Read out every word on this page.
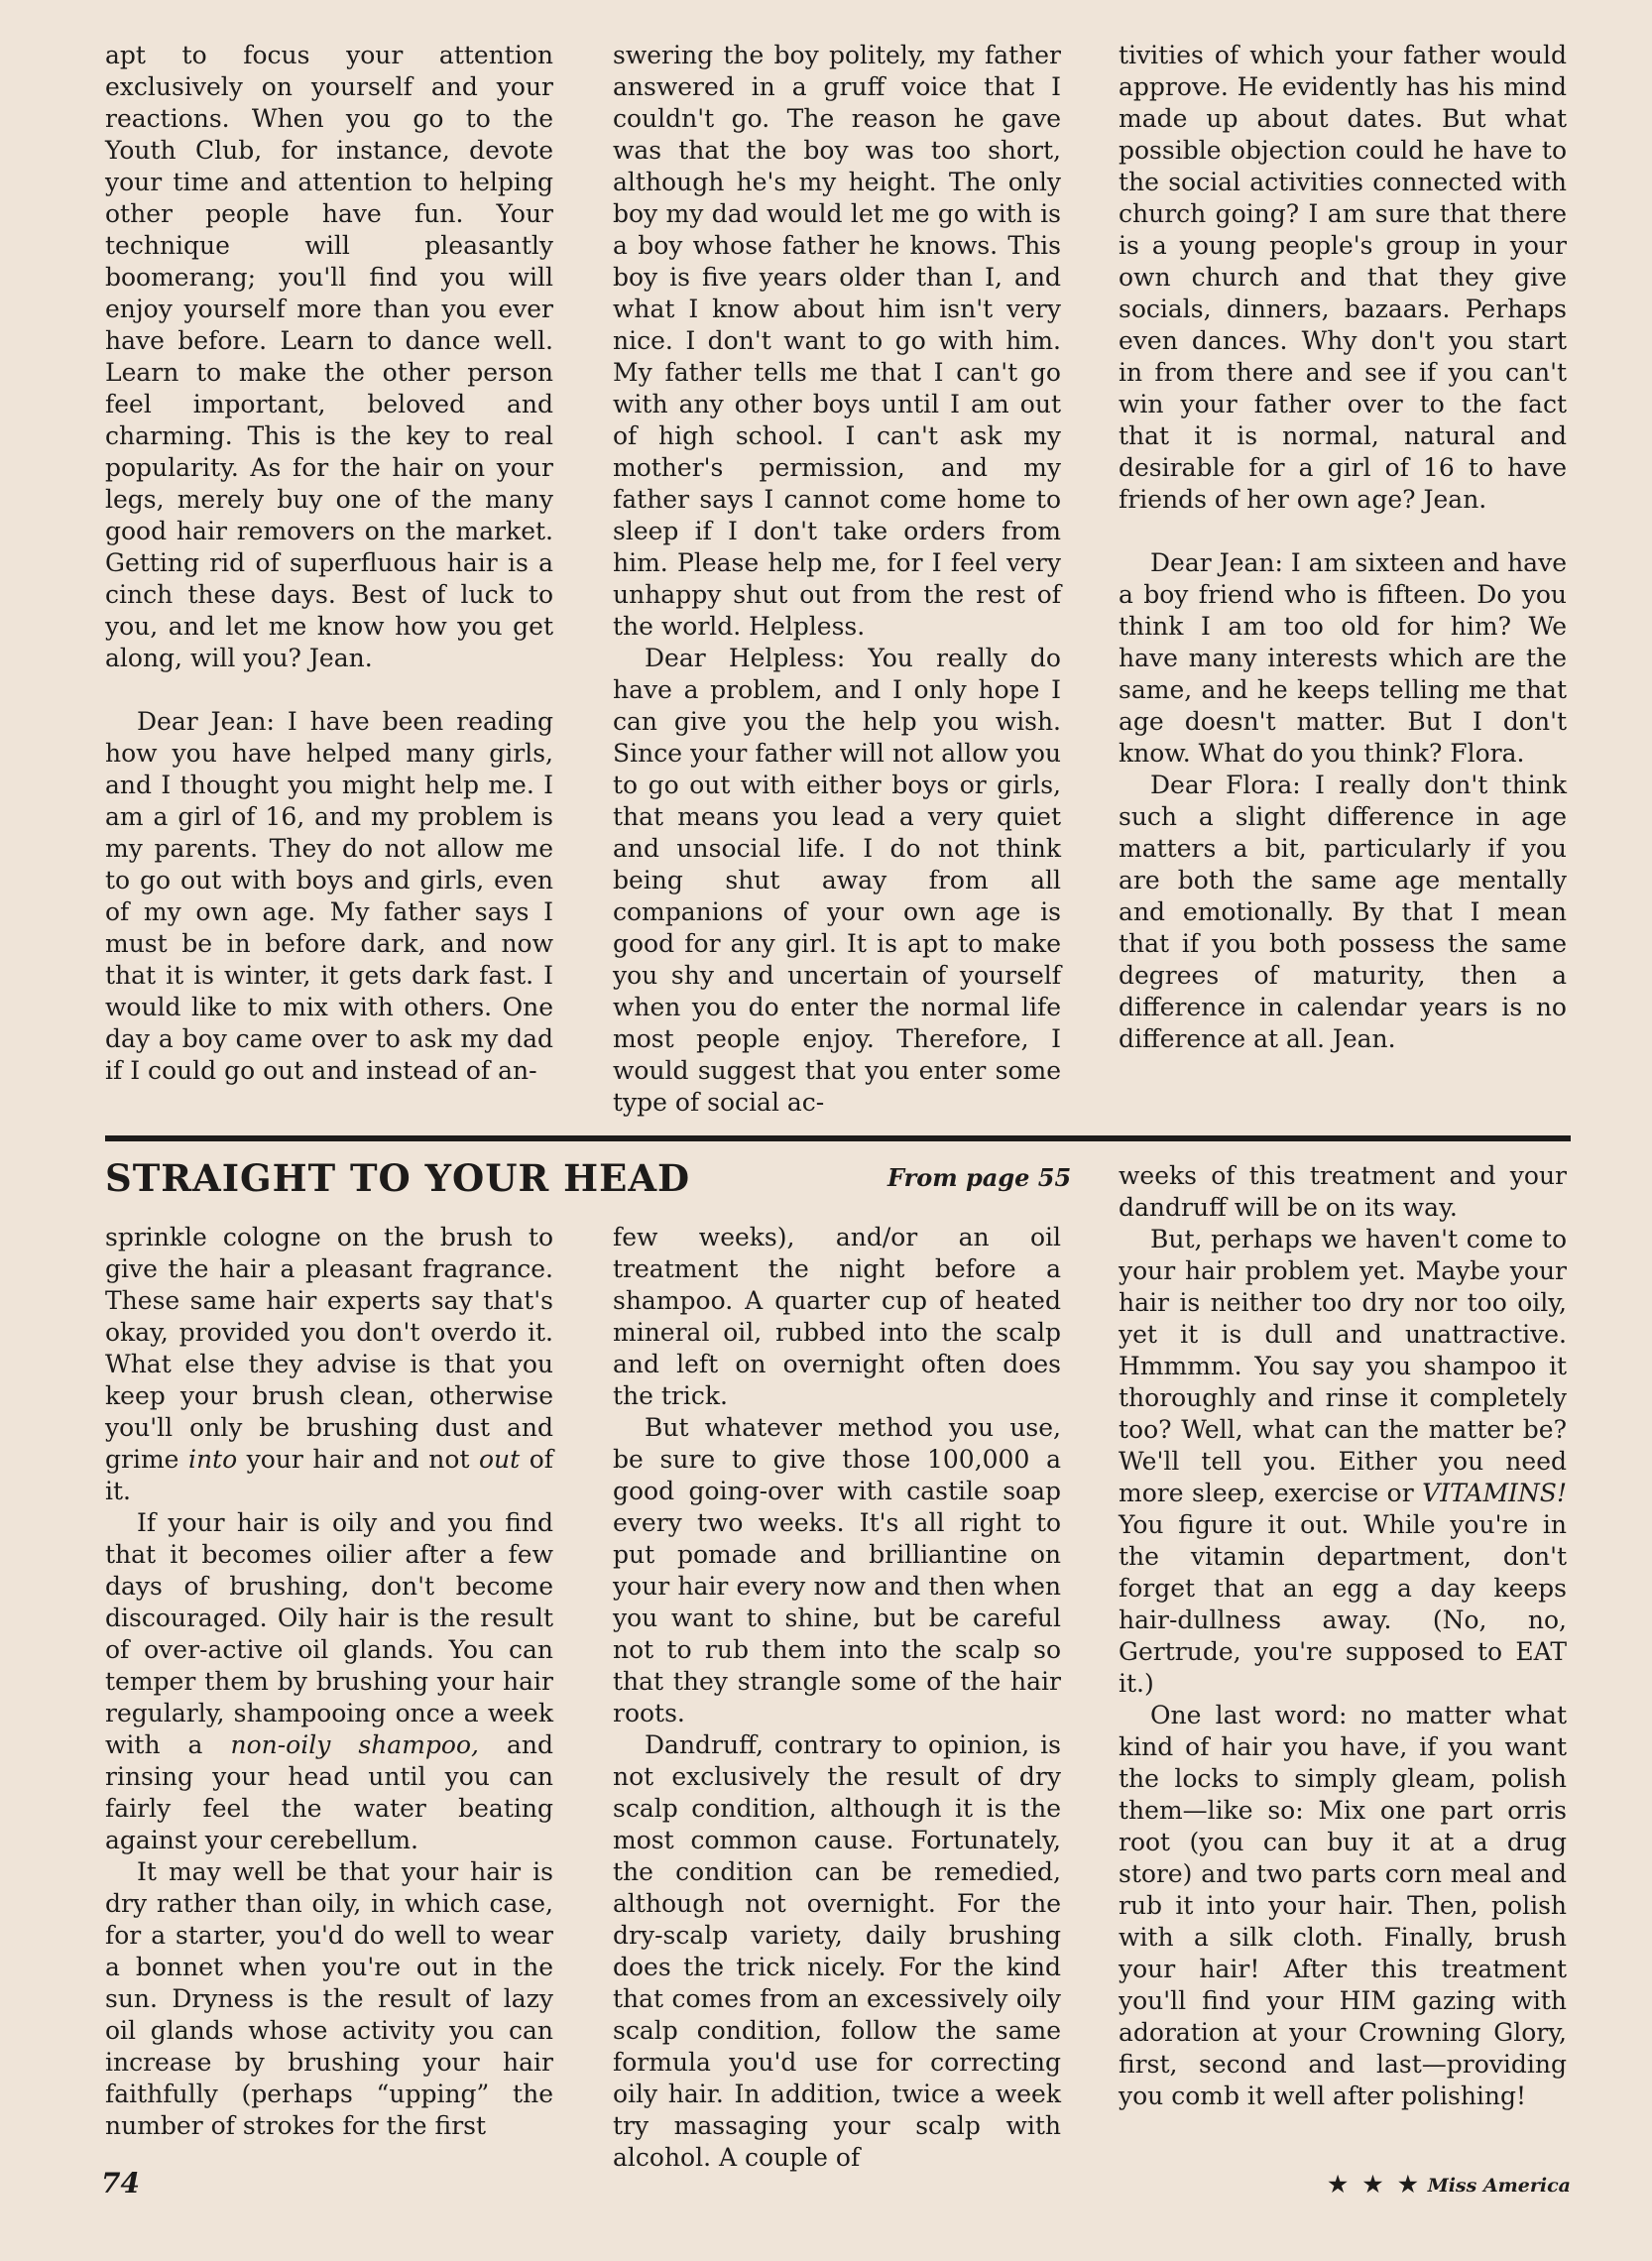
apt to focus your attention exclusively on yourself and your reactions. When you go to the Youth Club, for instance, devote your time and attention to helping other people have fun. Your technique will pleasantly boomerang; you'll find you will enjoy yourself more than you ever have before. Learn to dance well. Learn to make the other person feel important, beloved and charming. This is the key to real popularity. As for the hair on your legs, merely buy one of the many good hair removers on the market. Getting rid of superfluous hair is a cinch these days. Best of luck to you, and let me know how you get along, will you? Jean.

Dear Jean: I have been reading how you have helped many girls, and I thought you might help me. I am a girl of 16, and my problem is my parents. They do not allow me to go out with boys and girls, even of my own age. My father says I must be in before dark, and now that it is winter, it gets dark fast. I would like to mix with others. One day a boy came over to ask my dad if I could go out and instead of an-

swering the boy politely, my father answered in a gruff voice that I couldn't go. The reason he gave was that the boy was too short, although he's my height. The only boy my dad would let me go with is a boy whose father he knows. This boy is five years older than I, and what I know about him isn't very nice. I don't want to go with him. My father tells me that I can't go with any other boys until I am out of high school. I can't ask my mother's permission, and my father says I cannot come home to sleep if I don't take orders from him. Please help me, for I feel very unhappy shut out from the rest of the world. Helpless.

Dear Helpless: You really do have a problem, and I only hope I can give you the help you wish. Since your father will not allow you to go out with either boys or girls, that means you lead a very quiet and unsocial life. I do not think being shut away from all companions of your own age is good for any girl. It is apt to make you shy and uncertain of yourself when you do enter the normal life most people enjoy. Therefore, I would suggest that you enter some type of social ac-

tivities of which your father would approve. He evidently has his mind made up about dates. But what possible objection could he have to the social activities connected with church going? I am sure that there is a young people's group in your own church and that they give socials, dinners, bazaars. Perhaps even dances. Why don't you start in from there and see if you can't win your father over to the fact that it is normal, natural and desirable for a girl of 16 to have friends of her own age? Jean.

Dear Jean: I am sixteen and have a boy friend who is fifteen. Do you think I am too old for him? We have many interests which are the same, and he keeps telling me that age doesn't matter. But I don't know. What do you think? Flora.

Dear Flora: I really don't think such a slight difference in age matters a bit, particularly if you are both the same age mentally and emotionally. By that I mean that if you both possess the same degrees of maturity, then a difference in calendar years is no difference at all. Jean.

STRAIGHT TO YOUR HEAD	From page 55

sprinkle cologne on the brush to give the hair a pleasant fragrance. These same hair experts say that's okay, provided you don't overdo it. What else they advise is that you keep your brush clean, otherwise you'll only be brushing dust and grime into your hair and not out of it.

If your hair is oily and you find that it becomes oilier after a few days of brushing, don't become discouraged. Oily hair is the result of over-active oil glands. You can temper them by brushing your hair regularly, shampooing once a week with a non-oily shampoo, and rinsing your head until you can fairly feel the water beating against your cerebellum.

It may well be that your hair is dry rather than oily, in which case, for a starter, you'd do well to wear a bonnet when you're out in the sun. Dryness is the result of lazy oil glands whose activity you can increase by brushing your hair faithfully (perhaps “upping” the number of strokes for the first

few weeks), and/or an oil treatment the night before a shampoo. A quarter cup of heated mineral oil, rubbed into the scalp and left on overnight often does the trick.

But whatever method you use, be sure to give those 100,000 a good going-over with castile soap every two weeks. It's all right to put pomade and brilliantine on your hair every now and then when you want to shine, but be careful not to rub them into the scalp so that they strangle some of the hair roots.

Dandruff, contrary to opinion, is not exclusively the result of dry scalp condition, although it is the most common cause. Fortunately, the condition can be remedied, although not overnight. For the dry-scalp variety, daily brushing does the trick nicely. For the kind that comes from an excessively oily scalp condition, follow the same formula you'd use for correcting oily hair. In addition, twice a week try massaging your scalp with alcohol. A couple of

weeks of this treatment and your dandruff will be on its way.

But, perhaps we haven't come to your hair problem yet. Maybe your hair is neither too dry nor too oily, yet it is dull and unattractive. Hmmmm. You say you shampoo it thoroughly and rinse it completely too? Well, what can the matter be? We'll tell you. Either you need more sleep, exercise or VITAMINS! You figure it out. While you're in the vitamin department, don't forget that an egg a day keeps hair-dullness away. (No, no, Gertrude, you're supposed to EAT it.)

One last word: no matter what kind of hair you have, if you want the locks to simply gleam, polish them—like so: Mix one part orris root (you can buy it at a drug store) and two parts corn meal and rub it into your hair. Then, polish with a silk cloth. Finally, brush your hair! After this treatment you'll find your HIM gazing with adoration at your Crowning Glory, first, second and last—providing you comb it well after polishing!

74	★ ★ ★ Miss America
